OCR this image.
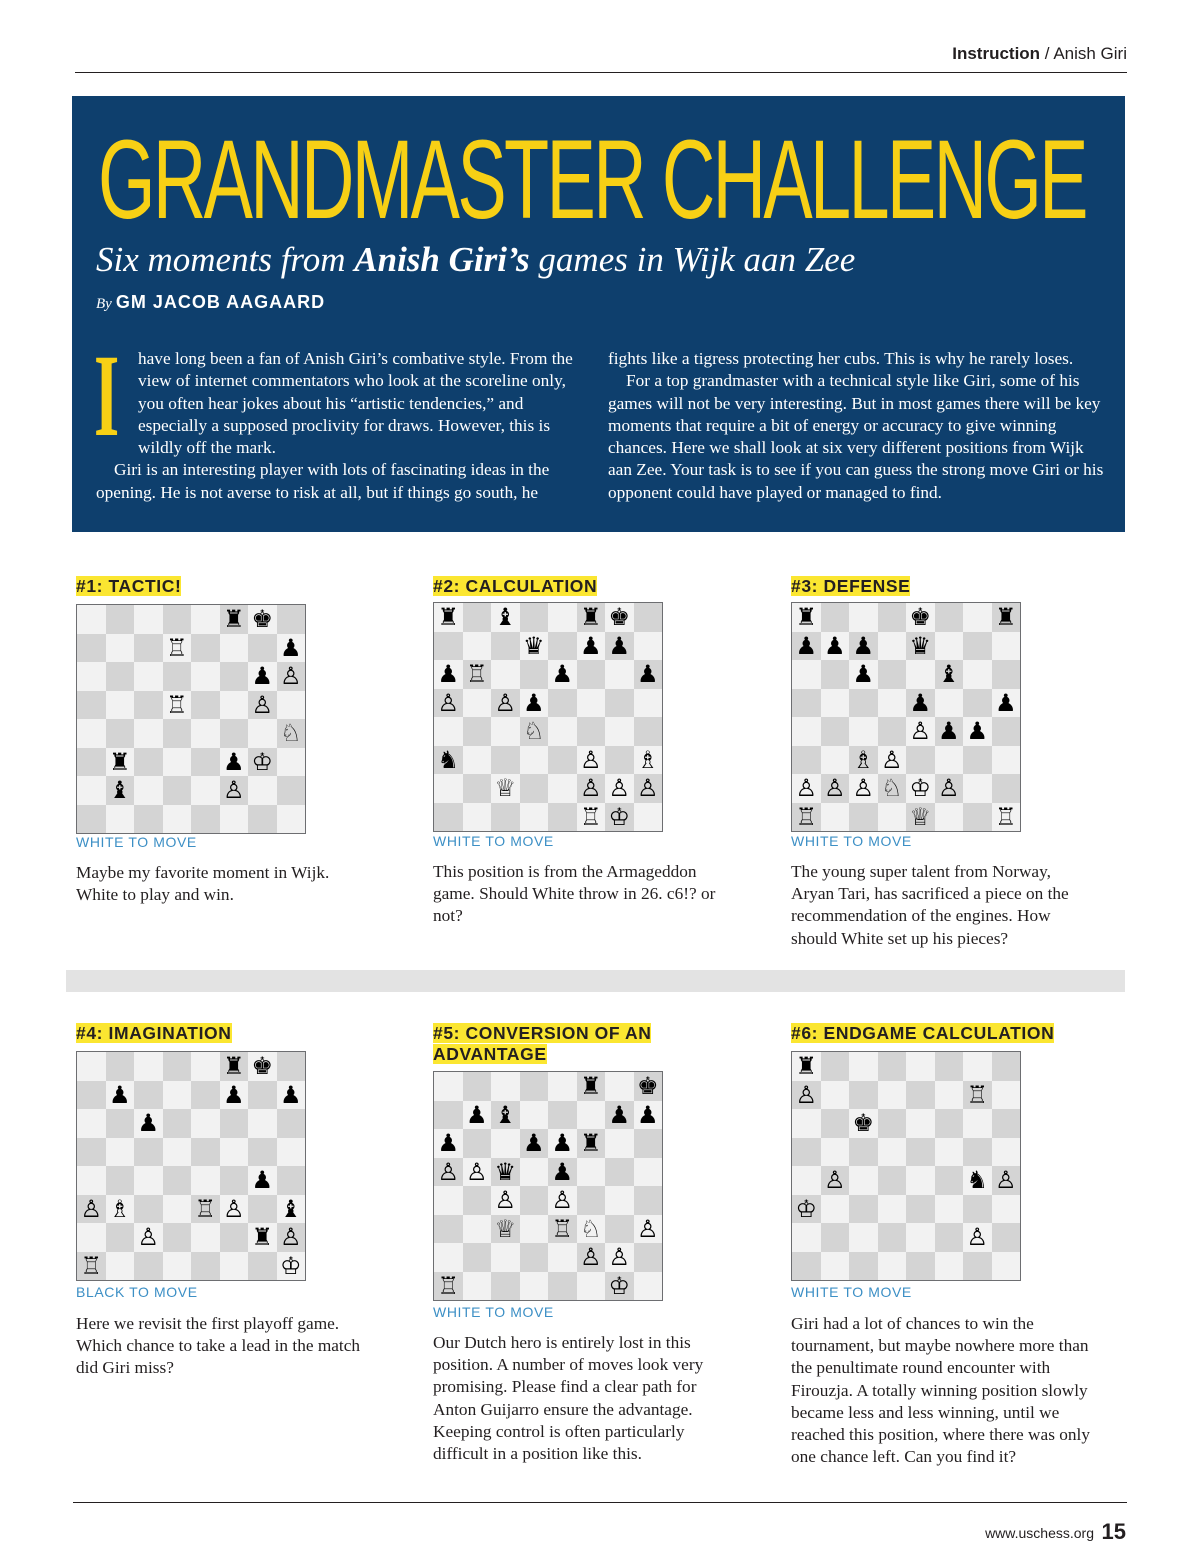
Instruction / Anish Giri
GRANDMASTER CHALLENGE
Six moments from Anish Giri’s games in Wijk aan Zee
By GM JACOB AAGAARD
I	have long been a fan of Anish Giri’s combative style. From the view of internet commentators who look at the scoreline only, you often hear jokes about his “artistic tendencies,” and especially a supposed proclivity for draws. However, this is wildly off the mark.

Giri is an interesting player with lots of fascinating ideas in the opening. He is not averse to risk at all, but if things go south, he

fights like a tigress protecting her cubs. This is why he rarely loses.

For a top grandmaster with a technical style like Giri, some of his games will not be very interesting. But in most games there will be key moments that require a bit of energy or accuracy to give winning chances. Here we shall look at six very different positions from Wijk aan Zee. Your task is to see if you can guess the strong move Giri or his opponent could have played or managed to find.

#1: TACTIC!
♜ ♚
♖	♟
♟ ♙
♖	♙
♘
♜	♟ ♔
♝	♙
WHITE TO MOVE
Maybe my favorite moment in Wijk. White to play and win.
#2: CALCULATION
♜ ♝	♜ ♚
♛ ♟ ♟
♟ ♖	♟	♟
♙ ♙ ♟
♘
♞	♙ ♗
♕	♙ ♙ ♙
♖ ♔
WHITE TO MOVE
This position is from the Armageddon game. Should White throw in 26. c6!? or not?
#3: DEFENSE
♜	♚	♜
♟ ♟ ♟ ♛
♟	♝
♟	♟
♙ ♟ ♟
♗ ♙
♙ ♙ ♙ ♘ ♔ ♙
♖	♕	♖
WHITE TO MOVE
The young super talent from Norway, Aryan Tari, has sacrificed a piece on the recommendation of the engines. How should White set up his pieces?
#4: IMAGINATION
♜ ♚
♟	♟ ♟
♟
♟
♙ ♗	♖ ♙ ♝
♙	♜ ♙
♖	♔
BLACK TO MOVE
Here we revisit the first playoff game. Which chance to take a lead in the match did Giri miss?
#5: CONVERSION OF AN
ADVANTAGE
♜ ♚
♟ ♝	♟ ♟
♟	♟ ♟ ♜
♙ ♙ ♛ ♟
♙ ♙
♕ ♖ ♘ ♙
♙ ♙
♖	♔
WHITE TO MOVE
Our Dutch hero is entirely lost in this position. A number of moves look very promising. Please find a clear path for Anton Guijarro ensure the advantage. Keeping control is often particularly difficult in a position like this.
#6: ENDGAME CALCULATION
♜
♙	♖
♚
♙	♞ ♙
♔
♙
WHITE TO MOVE
Giri had a lot of chances to win the tournament, but maybe nowhere more than the penultimate round encounter with Firouzja. A totally winning position slowly became less and less winning, until we reached this position, where there was only one chance left. Can you find it?
www.uschess.org 15
